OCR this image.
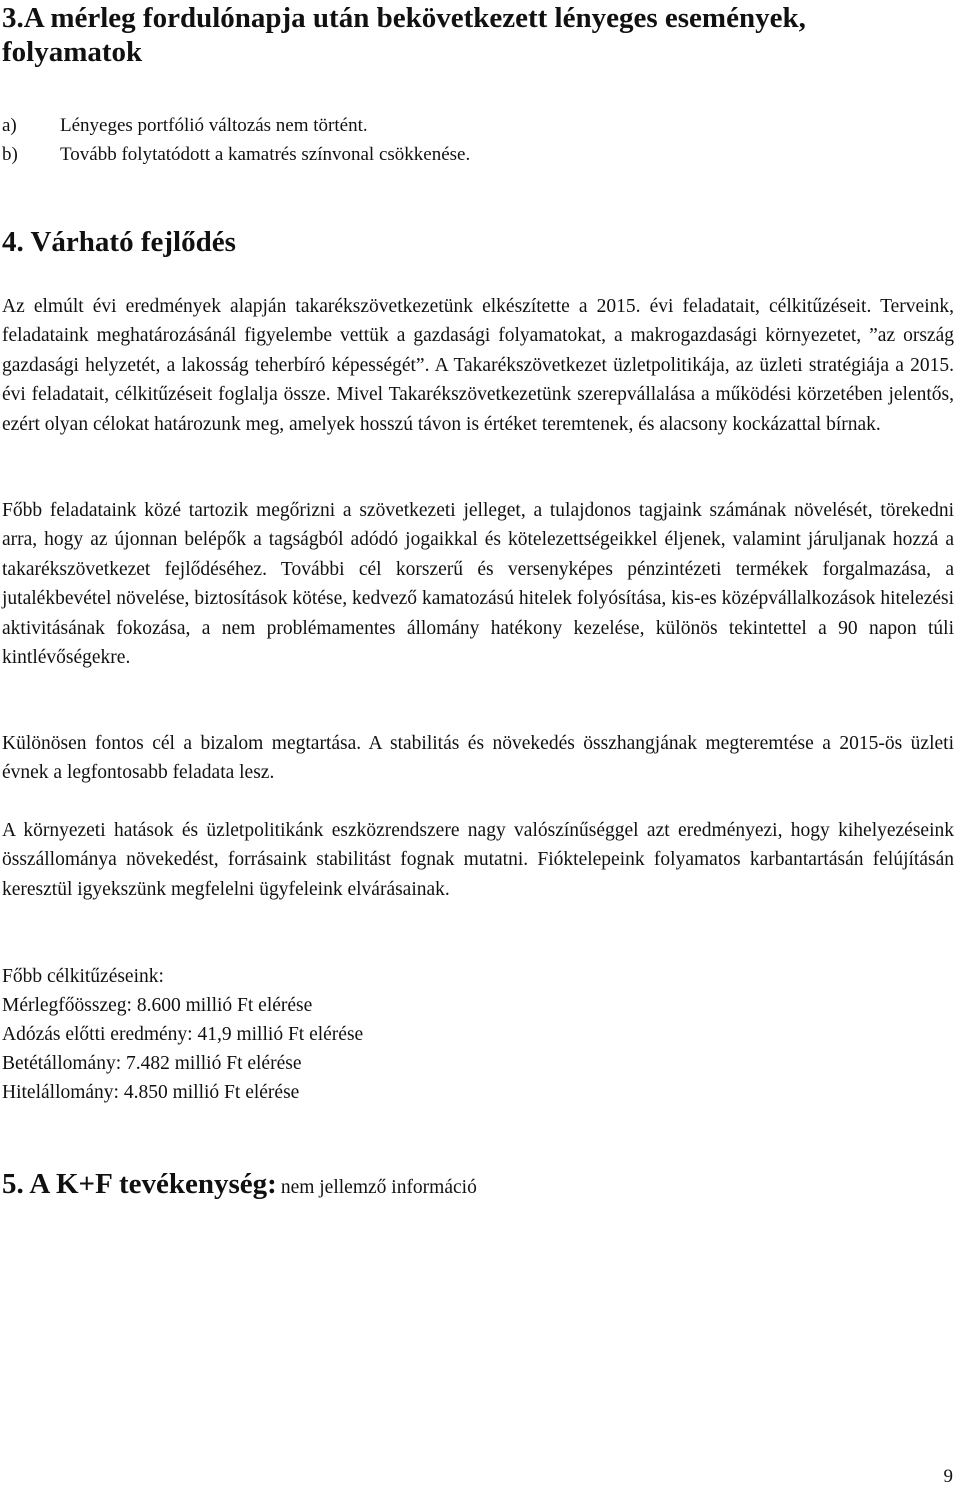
3.A mérleg fordulónapja után bekövetkezett lényeges események,
folyamatok
a) Lényeges portfólió változás nem történt.
b) Tovább folytatódott a kamatrés színvonal csökkenése.
4. Várható fejlődés

Az elmúlt évi eredmények alapján takarékszövetkezetünk elkészítette a 2015. évi feladatait, célkitűzéseit. Terveink, feladataink meghatározásánál figyelembe vettük a gazdasági folyamatokat, a makrogazdasági környezetet, ”az ország gazdasági helyzetét, a lakosság teherbíró képességét”. A Takarékszövetkezet üzletpolitikája, az üzleti stratégiája a 2015. évi feladatait, célkitűzéseit foglalja össze. Mivel Takarékszövetkezetünk szerepvállalása a működési körzetében jelentős, ezért olyan célokat határozunk meg, amelyek hosszú távon is értéket teremtenek, és alacsony kockázattal bírnak.

Főbb feladataink közé tartozik megőrizni a szövetkezeti jelleget, a tulajdonos tagjaink számának növelését, törekedni arra, hogy az újonnan belépők a tagságból adódó jogaikkal és kötelezettségeikkel éljenek, valamint járuljanak hozzá a takarékszövetkezet fejlődéséhez. További cél korszerű és versenyképes pénzintézeti termékek forgalmazása, a jutalékbevétel növelése, biztosítások kötése, kedvező kamatozású hitelek folyósítása, kis-es középvállalkozások hitelezési aktivitásának fokozása, a nem problémamentes állomány hatékony kezelése, különös tekintettel a 90 napon túli kintlévőségekre.

Különösen fontos cél a bizalom megtartása. A stabilitás és növekedés összhangjának megteremtése a 2015-ös üzleti évnek a legfontosabb feladata lesz.

A környezeti hatások és üzletpolitikánk eszközrendszere nagy valószínűséggel azt eredményezi, hogy kihelyezéseink összállománya növekedést, forrásaink stabilitást fognak mutatni. Fióktelepeink folyamatos karbantartásán felújításán keresztül igyekszünk megfelelni ügyfeleink elvárásainak.

Főbb célkitűzéseink:
Mérlegfőösszeg: 8.600 millió Ft elérése
Adózás előtti eredmény: 41,9 millió Ft elérése
Betétállomány: 7.482 millió Ft elérése
Hitelállomány: 4.850 millió Ft elérése
5. A K+F tevékenység: nem jellemző információ
9
